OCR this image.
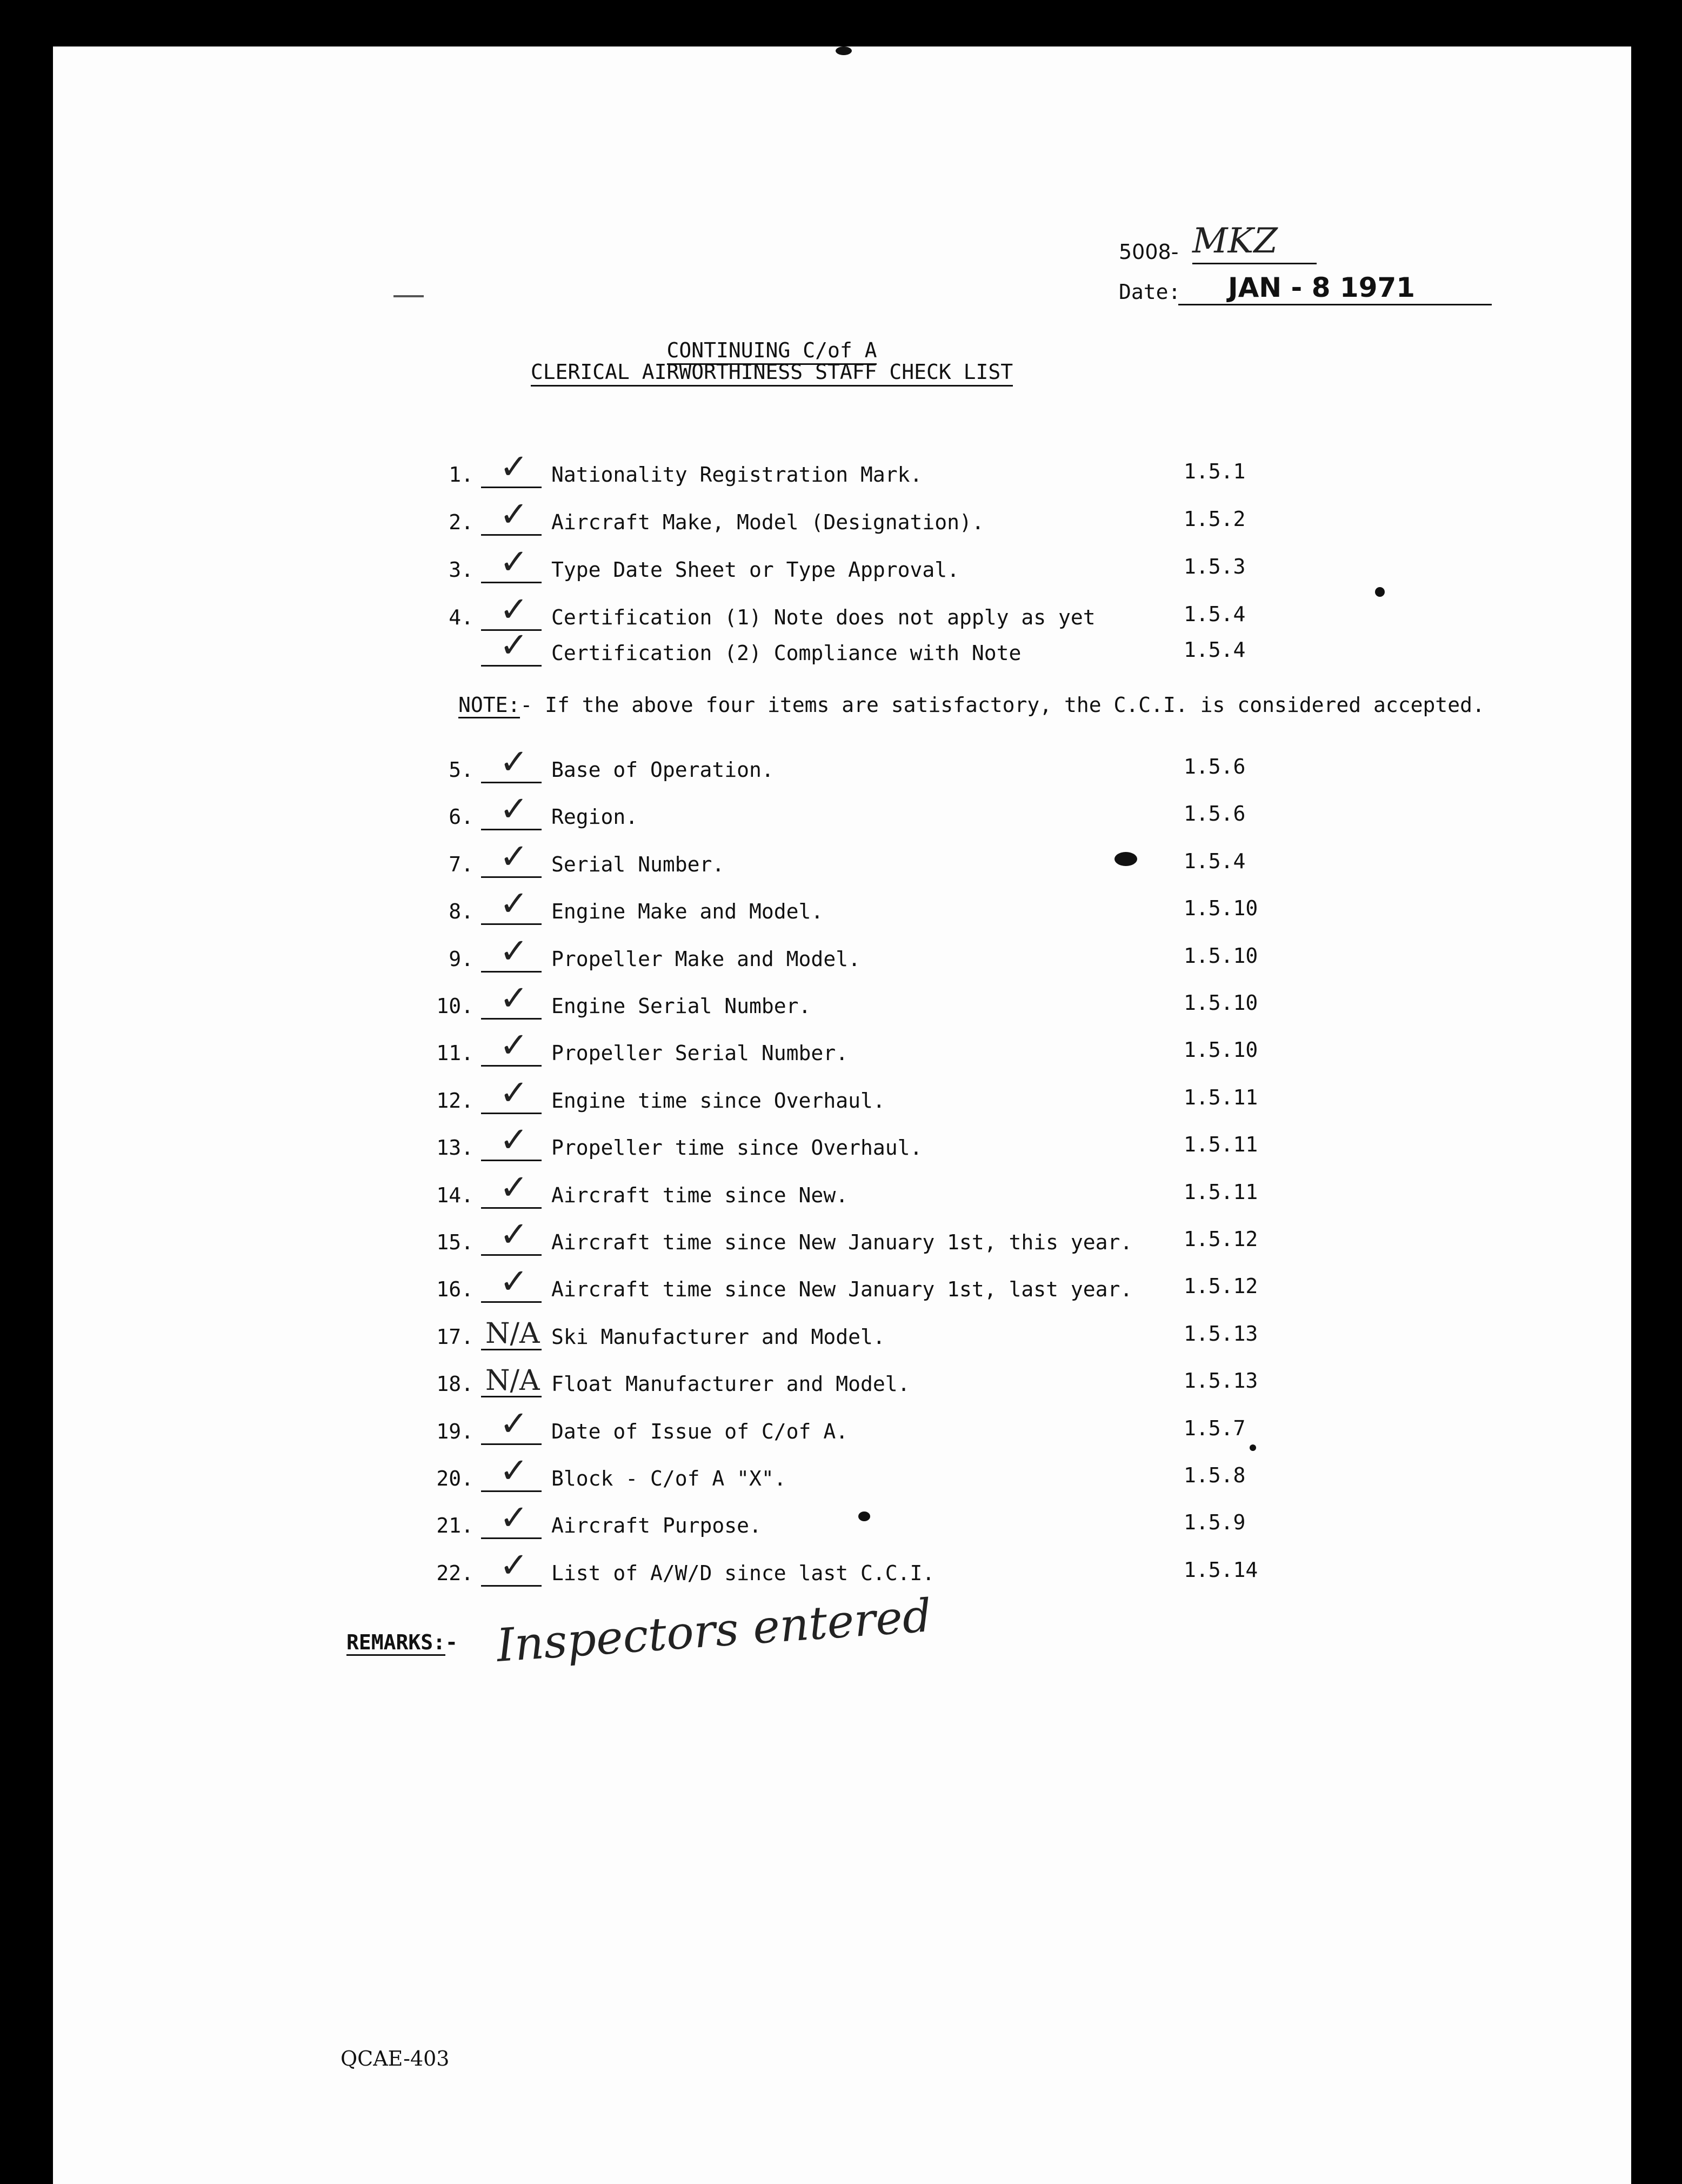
5008- MKZ
Date:	JAN - 8 1971
CONTINUING C/of A
CLERICAL AIRWORTHINESS STAFF CHECK LIST
1. ✓ Nationality Registration Mark.	1.5.1
2. ✓ Aircraft Make, Model (Designation).	1.5.2
3. ✓ Type Date Sheet or Type Approval.	1.5.3
4. ✓ Certification (1) Note does not apply as yet	1.5.4
✓ Certification (2) Compliance with Note	1.5.4
NOTE:- If the above four items are satisfactory, the C.C.I. is considered accepted.
5. ✓ Base of Operation.	1.5.6
6. ✓ Region.	1.5.6
7. ✓ Serial Number.	1.5.4
8. ✓ Engine Make and Model.	1.5.10
9. ✓ Propeller Make and Model.	1.5.10
10. ✓ Engine Serial Number.	1.5.10
11. ✓ Propeller Serial Number.	1.5.10
12. ✓ Engine time since Overhaul.	1.5.11
13. ✓ Propeller time since Overhaul.	1.5.11
14. ✓ Aircraft time since New.	1.5.11
15. ✓ Aircraft time since New January 1st, this year. 1.5.12
16. ✓ Aircraft time since New January 1st, last year. 1.5.12
17. N/A Ski Manufacturer and Model.	1.5.13
18. N/A Float Manufacturer and Model.	1.5.13
19. ✓ Date of Issue of C/of A.	1.5.7
20. ✓ Block - C/of A "X".	1.5.8
21. ✓ Aircraft Purpose.	1.5.9
22. ✓ List of A/W/D since last C.C.I.	1.5.14
REMARKS:- Inspectors entered
QCAE-403
